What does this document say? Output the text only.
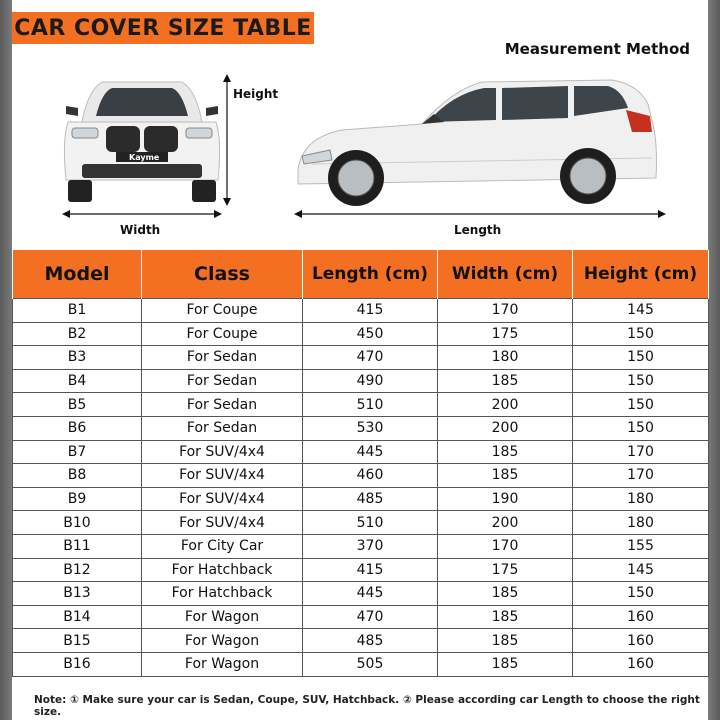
CAR COVER SIZE TABLE
Measurement Method
Kayme
Height
Width	Length
Model	Class	Length (cm)	Width (cm)	Height (cm)
B1	For Coupe	415	170	145
B2	For Coupe	450	175	150
B3	For Sedan	470	180	150
B4	For Sedan	490	185	150
B5	For Sedan	510	200	150
B6	For Sedan	530	200	150
B7	For SUV/4x4	445	185	170
B8	For SUV/4x4	460	185	170
B9	For SUV/4x4	485	190	180
B10	For SUV/4x4	510	200	180
B11	For City Car	370	170	155
B12	For Hatchback	415	175	145
B13	For Hatchback	445	185	150
B14	For Wagon	470	185	160
B15	For Wagon	485	185	160
B16	For Wagon	505	185	160
Note: ① Make sure your car is Sedan, Coupe, SUV, Hatchback. ② Please according car Length to choose the right size.
